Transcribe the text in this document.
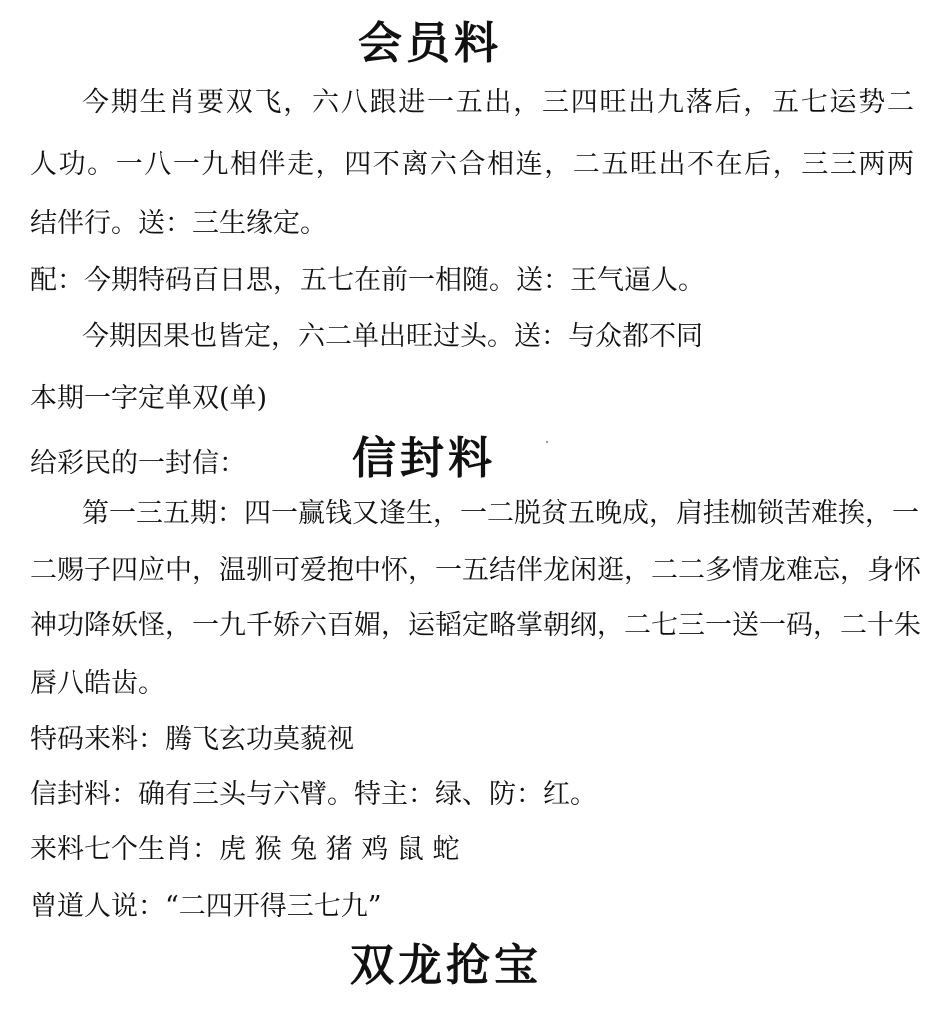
会员料
今期生肖要双飞，六八跟进一五出，三四旺出九落后，五七运势二
人功。一八一九相伴走，四不离六合相连，二五旺出不在后，三三两两
结伴行。送：三生缘定。
配：今期特码百日思，五七在前一相随。送：王气逼人。
今期因果也皆定，六二单出旺过头。送：与众都不同
本期一字定单双(单)
给彩民的一封信： 信封料
第一三五期：四一赢钱又逢生，一二脱贫五晚成，肩挂枷锁苦难挨，一
二赐子四应中，温驯可爱抱中怀，一五结伴龙闲逛，二二多情龙难忘，身怀
神功降妖怪，一九千娇六百媚，运韬定略掌朝纲，二七三一送一码，二十朱
唇八皓齿。
特码来料：腾飞玄功莫藐视
信封料：确有三头与六臂。特主：绿、防：红。
来料七个生肖：虎 猴 兔 猪 鸡 鼠 蛇
曾道人说：“二四开得三七九”
双龙抢宝
